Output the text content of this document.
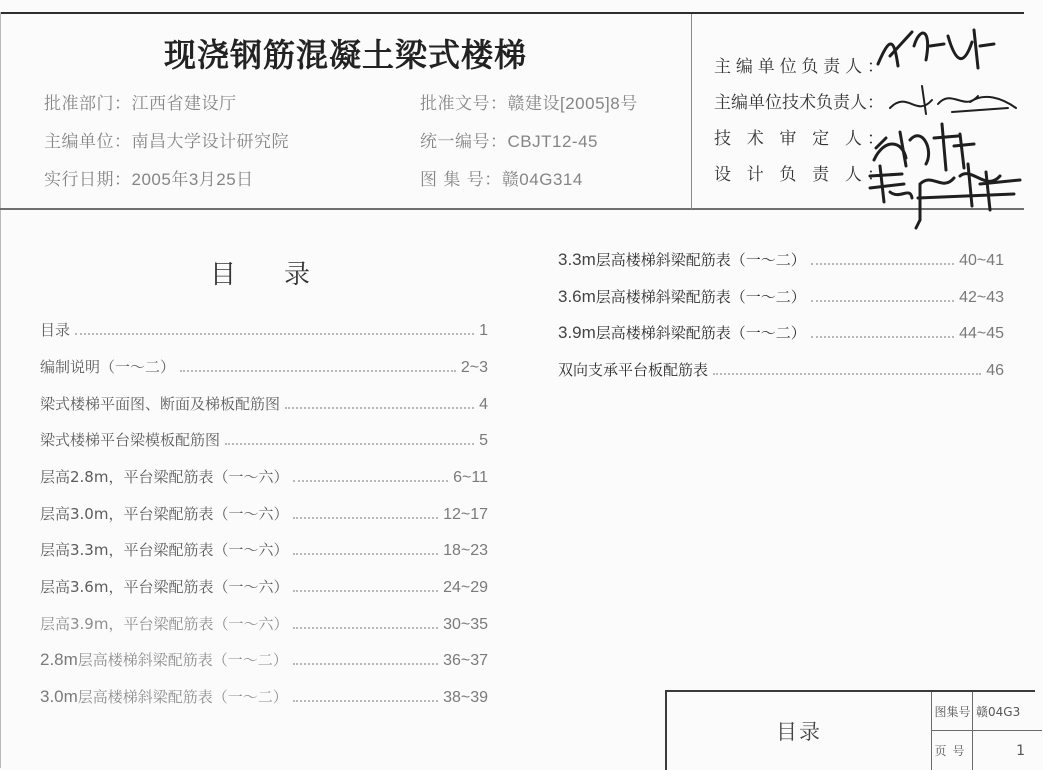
现浇钢筋混凝土梁式楼梯
批准部门：江西省建设厅
主编单位：南昌大学设计研究院
实行日期：2005年3月25日
批准文号：赣建设[2005]8号
统一编号：CBJT12-45
图 集 号：赣04G314
主编单位负责人：
主编单位技术负责人：
技 术 审 定 人：
设 计 负 责 人：
目录
目录	1
编制说明（一～二）	2~3
梁式楼梯平面图、断面及梯板配筋图	4
梁式楼梯平台梁模板配筋图	5
层高2.8m，平台梁配筋表（一～六）	6~11
层高3.0m，平台梁配筋表（一～六）	12~17
层高3.3m，平台梁配筋表（一～六）	18~23
层高3.6m，平台梁配筋表（一～六）	24~29
层高3.9m，平台梁配筋表（一～六）	30~35
2.8m层高楼梯斜梁配筋表（一～二）	36~37
3.0m层高楼梯斜梁配筋表（一～二）	38~39
3.3m层高楼梯斜梁配筋表（一～二）	40~41
3.6m层高楼梯斜梁配筋表（一～二）	42~43
3.9m层高楼梯斜梁配筋表（一～二）	44~45
双向支承平台板配筋表	46
目录
图集号 赣04G3
页号	1
